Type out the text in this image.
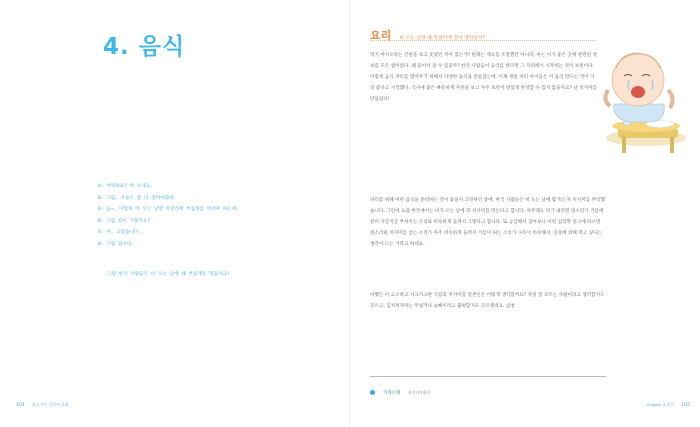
4. 음식
A: 어떡하죠? 비 오네요.
B: 그럼, 오늘은 좀 더 있어야겠네.
A: 음~, 이렇게 비 오는 날엔 막걸리에 부침개를 먹어야 하는데.
B: 그럼 같이 가볼까요?
A: 아, 고맙습니다.
B: 그럼 갑시다.
그럼 한국 사람들은 비 오는 날에 왜 부침개를 먹을까요?
104 읽고 쓰는 일본어 문화
요리 비 오는 날엔 왜 막걸리에 전이 생각날까?

먹지 마시오라는 간판을 보고 웃었던 적이 있는가? 원래는 재료를 조절했던 아니라, 싸는 이가 좋은 곳에 관련된 정보를 모은 셈이었다. 왜 들어서 갈 수 있을까? 한국 사람들이 요리를 한다면 그 자리에서 시작하는 것이 보통이다. 이렇게 음식 파티를 열어주기 위해서 다양한 음식을 만들었는데, 이제 생일 파티 아이들은 이 음식 만드는 것이 가장 좋다고 시작했다. 식사에 좋은 빠듯하게 자신을 보고 자주 보면서 맛있게 완성할 수 있지 않을까요? 난 치지미를 만들었다!

파티를 위해 어떤 음식을 준비하는 것이 좋을지 고민하던 중에, 한국 사람들은 비 오는 날에 뭘 먹는지 치지미를 부탁했습니다. 그런데 요즘 한국에서는 비가 오는 날에 꼭 치지미를 먹는다고 합니다. 아무래도 비가 내리면 빗소리가 기름에 전이 지글지글 부쳐지는 소리와 비슷하게 들려서 그렇다고 합니다. 또 공급해서 찾아보니 어떤 심리학 연구에 따르면 빗소리와 치지미를 굽는 소리가 아주 비슷하게 들려서 기름이 튀는 소리가 나듯이 비슷해서, 연상에 의해 먹고 싶다는 생각이 드는 거라고 하네요.

어쨌든 이 고소하고 사크사크한 식감의 치지미를 일본인은 어떻게 생각할까요? 자칫 잘 모르는 사람이라고 생각할지도 모르고, 김치치지미는 무섭거나 쇼빠이라고 불평할지도 모르겠네요. 엄청

카라오케 바삭바삭하다
Chapter 4 음식 105
